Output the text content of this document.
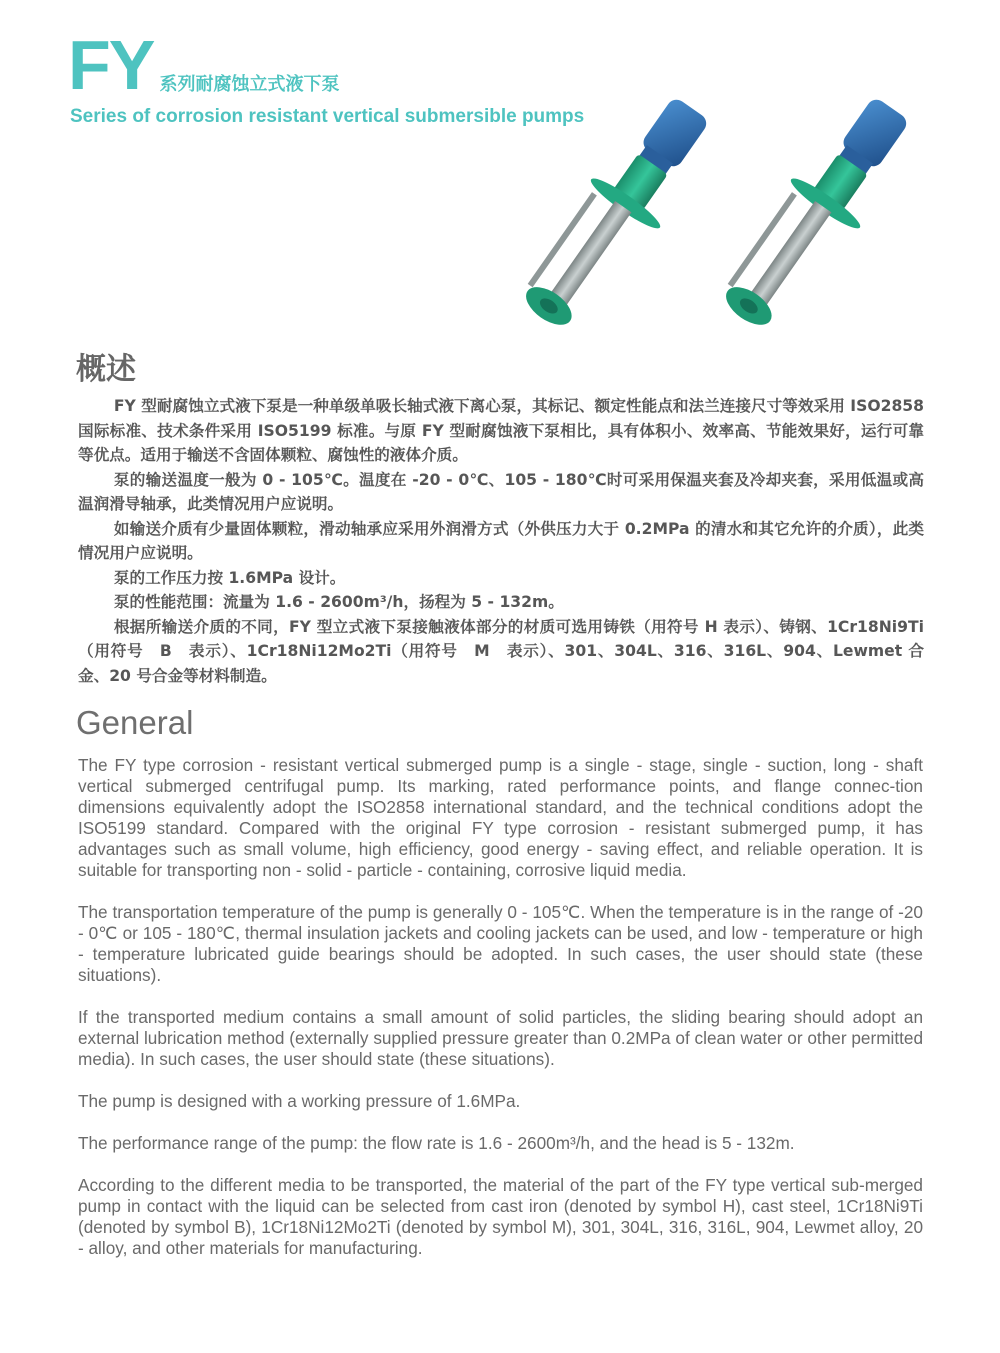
FY 系列耐腐蚀立式液下泵
Series of corrosion resistant vertical submersible pumps
概述

FY 型耐腐蚀立式液下泵是一种单级单吸长轴式液下离心泵，其标记、额定性能点和法兰连接尺寸等效采用 ISO2858 国际标准、技术条件采用 ISO5199 标准。与原 FY 型耐腐蚀液下泵相比，具有体积小、效率高、节能效果好，运行可靠等优点。适用于输送不含固体颗粒、腐蚀性的液体介质。

泵的输送温度一般为 0 - 105℃。温度在 -20 - 0℃、105 - 180℃时可采用保温夹套及冷却夹套，采用低温或高温润滑导轴承，此类情况用户应说明。

如输送介质有少量固体颗粒，滑动轴承应采用外润滑方式（外供压力大于 0.2MPa 的清水和其它允许的介质），此类情况用户应说明。

泵的工作压力按 1.6MPa 设计。

泵的性能范围：流量为 1.6 - 2600m³/h，扬程为 5 - 132m。

根据所输送介质的不同，FY 型立式液下泵接触液体部分的材质可选用铸铁（用符号 H 表示）、铸钢、1Cr18Ni9Ti（用符号　B　表示）、1Cr18Ni12Mo2Ti（用符号　M　表示）、301、304L、316、316L、904、Lewmet 合金、20 号合金等材料制造。

General

The FY type corrosion - resistant vertical submerged pump is a single - stage, single - suction, long - shaft vertical submerged centrifugal pump. Its marking, rated performance points, and flange connec-tion dimensions equivalently adopt the ISO2858 international standard, and the technical conditions adopt the ISO5199 standard. Compared with the original FY type corrosion - resistant submerged pump, it has advantages such as small volume, high efficiency, good energy - saving effect, and reliable operation. It is suitable for transporting non - solid - particle - containing, corrosive liquid media.

The transportation temperature of the pump is generally 0 - 105℃. When the temperature is in the range of -20 - 0℃ or 105 - 180℃, thermal insulation jackets and cooling jackets can be used, and low - temperature or high - temperature lubricated guide bearings should be adopted. In such cases, the user should state (these situations).

If the transported medium contains a small amount of solid particles, the sliding bearing should adopt an external lubrication method (externally supplied pressure greater than 0.2MPa of clean water or other permitted media). In such cases, the user should state (these situations).

The pump is designed with a working pressure of 1.6MPa.

The performance range of the pump: the flow rate is 1.6 - 2600m³/h, and the head is 5 - 132m.

According to the different media to be transported, the material of the part of the FY type vertical sub-merged pump in contact with the liquid can be selected from cast iron (denoted by symbol H), cast steel, 1Cr18Ni9Ti (denoted by symbol B), 1Cr18Ni12Mo2Ti (denoted by symbol M), 301, 304L, 316, 316L, 904, Lewmet alloy, 20 - alloy, and other materials for manufacturing.
